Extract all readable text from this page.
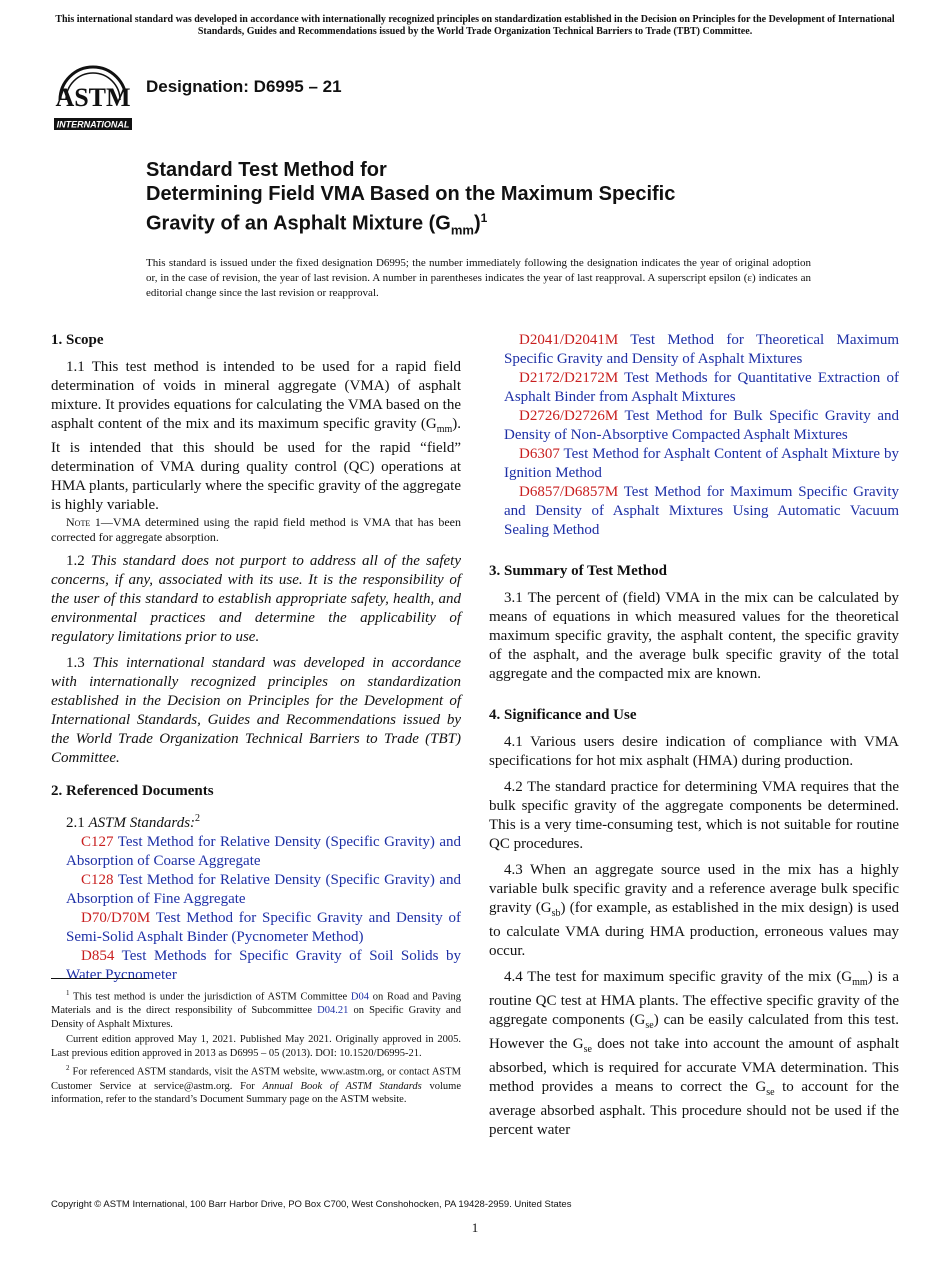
This international standard was developed in accordance with internationally recognized principles on standardization established in the Decision on Principles for the Development of International Standards, Guides and Recommendations issued by the World Trade Organization Technical Barriers to Trade (TBT) Committee.
ASTM
INTERNATIONAL
Designation: D6995 – 21
Standard Test Method for
Determining Field VMA Based on the Maximum Specific
Gravity of an Asphalt Mixture $(G_{mm})^1$
This standard is issued under the fixed designation D6995; the number immediately following the designation indicates the year of original adoption or, in the case of revision, the year of last revision. A number in parentheses indicates the year of last reapproval. A superscript epsilon (ε) indicates an editorial change since the last revision or reapproval.
1. Scope

1.1 This test method is intended to be used for a rapid field determination of voids in mineral aggregate (VMA) of asphalt mixture. It provides equations for calculating the VMA based on the asphalt content of the mix and its maximum specific gravity $(G_{mm})$. It is intended that this should be used for the rapid “field” determination of VMA during quality control (QC) operations at HMA plants, particularly where the specific gravity of the aggregate is highly variable.

Note 1—VMA determined using the rapid field method is VMA that has been corrected for aggregate absorption.

1.2 This standard does not purport to address all of the safety concerns, if any, associated with its use. It is the responsibility of the user of this standard to establish appropriate safety, health, and environmental practices and determine the applicability of regulatory limitations prior to use.

1.3 This international standard was developed in accordance with internationally recognized principles on standardization established in the Decision on Principles for the Development of International Standards, Guides and Recommendations issued by the World Trade Organization Technical Barriers to Trade (TBT) Committee.

2. Referenced Documents

2.1 ASTM Standards:$^2$

C127 Test Method for Relative Density (Specific Gravity) and Absorption of Coarse Aggregate

C128 Test Method for Relative Density (Specific Gravity) and Absorption of Fine Aggregate

D70/D70M Test Method for Specific Gravity and Density of Semi-Solid Asphalt Binder (Pycnometer Method)

D854 Test Methods for Specific Gravity of Soil Solids by Water Pycnometer

D2041/D2041M Test Method for Theoretical Maximum Specific Gravity and Density of Asphalt Mixtures

D2172/D2172M Test Methods for Quantitative Extraction of Asphalt Binder from Asphalt Mixtures

D2726/D2726M Test Method for Bulk Specific Gravity and Density of Non-Absorptive Compacted Asphalt Mixtures

D6307 Test Method for Asphalt Content of Asphalt Mixture by Ignition Method

D6857/D6857M Test Method for Maximum Specific Gravity and Density of Asphalt Mixtures Using Automatic Vacuum Sealing Method

3. Summary of Test Method

3.1 The percent of (field) VMA in the mix can be calculated by means of equations in which measured values for the theoretical maximum specific gravity, the asphalt content, the specific gravity of the asphalt, and the average bulk specific gravity of the total aggregate and the compacted mix are known.

4. Significance and Use

4.1 Various users desire indication of compliance with VMA specifications for hot mix asphalt (HMA) during production.

4.2 The standard practice for determining VMA requires that the bulk specific gravity of the aggregate components be determined. This is a very time-consuming test, which is not suitable for routine QC procedures.

4.3 When an aggregate source used in the mix has a highly variable bulk specific gravity and a reference average bulk specific gravity $(G_{sb})$ (for example, as established in the mix design) is used to calculate VMA during HMA production, erroneous values may occur.

4.4 The test for maximum specific gravity of the mix $(G_{mm})$ is a routine QC test at HMA plants. The effective specific gravity of the aggregate components $(G_{se})$ can be easily calculated from this test. However the $G_{se}$ does not take into account the amount of asphalt absorbed, which is required for accurate VMA determination. This method provides a means to correct the $G_{se}$ to account for the average absorbed asphalt. This procedure should not be used if the percent water

$^1$ This test method is under the jurisdiction of ASTM Committee D04 on Road and Paving Materials and is the direct responsibility of Subcommittee D04.21 on Specific Gravity and Density of Asphalt Mixtures.

Current edition approved May 1, 2021. Published May 2021. Originally approved in 2005. Last previous edition approved in 2013 as D6995 – 05 (2013). DOI: 10.1520/D6995-21.

$^2$ For referenced ASTM standards, visit the ASTM website, www.astm.org, or contact ASTM Customer Service at service@astm.org. For Annual Book of ASTM Standards volume information, refer to the standard’s Document Summary page on the ASTM website.

Copyright © ASTM International, 100 Barr Harbor Drive, PO Box C700, West Conshohocken, PA 19428-2959. United States
1
